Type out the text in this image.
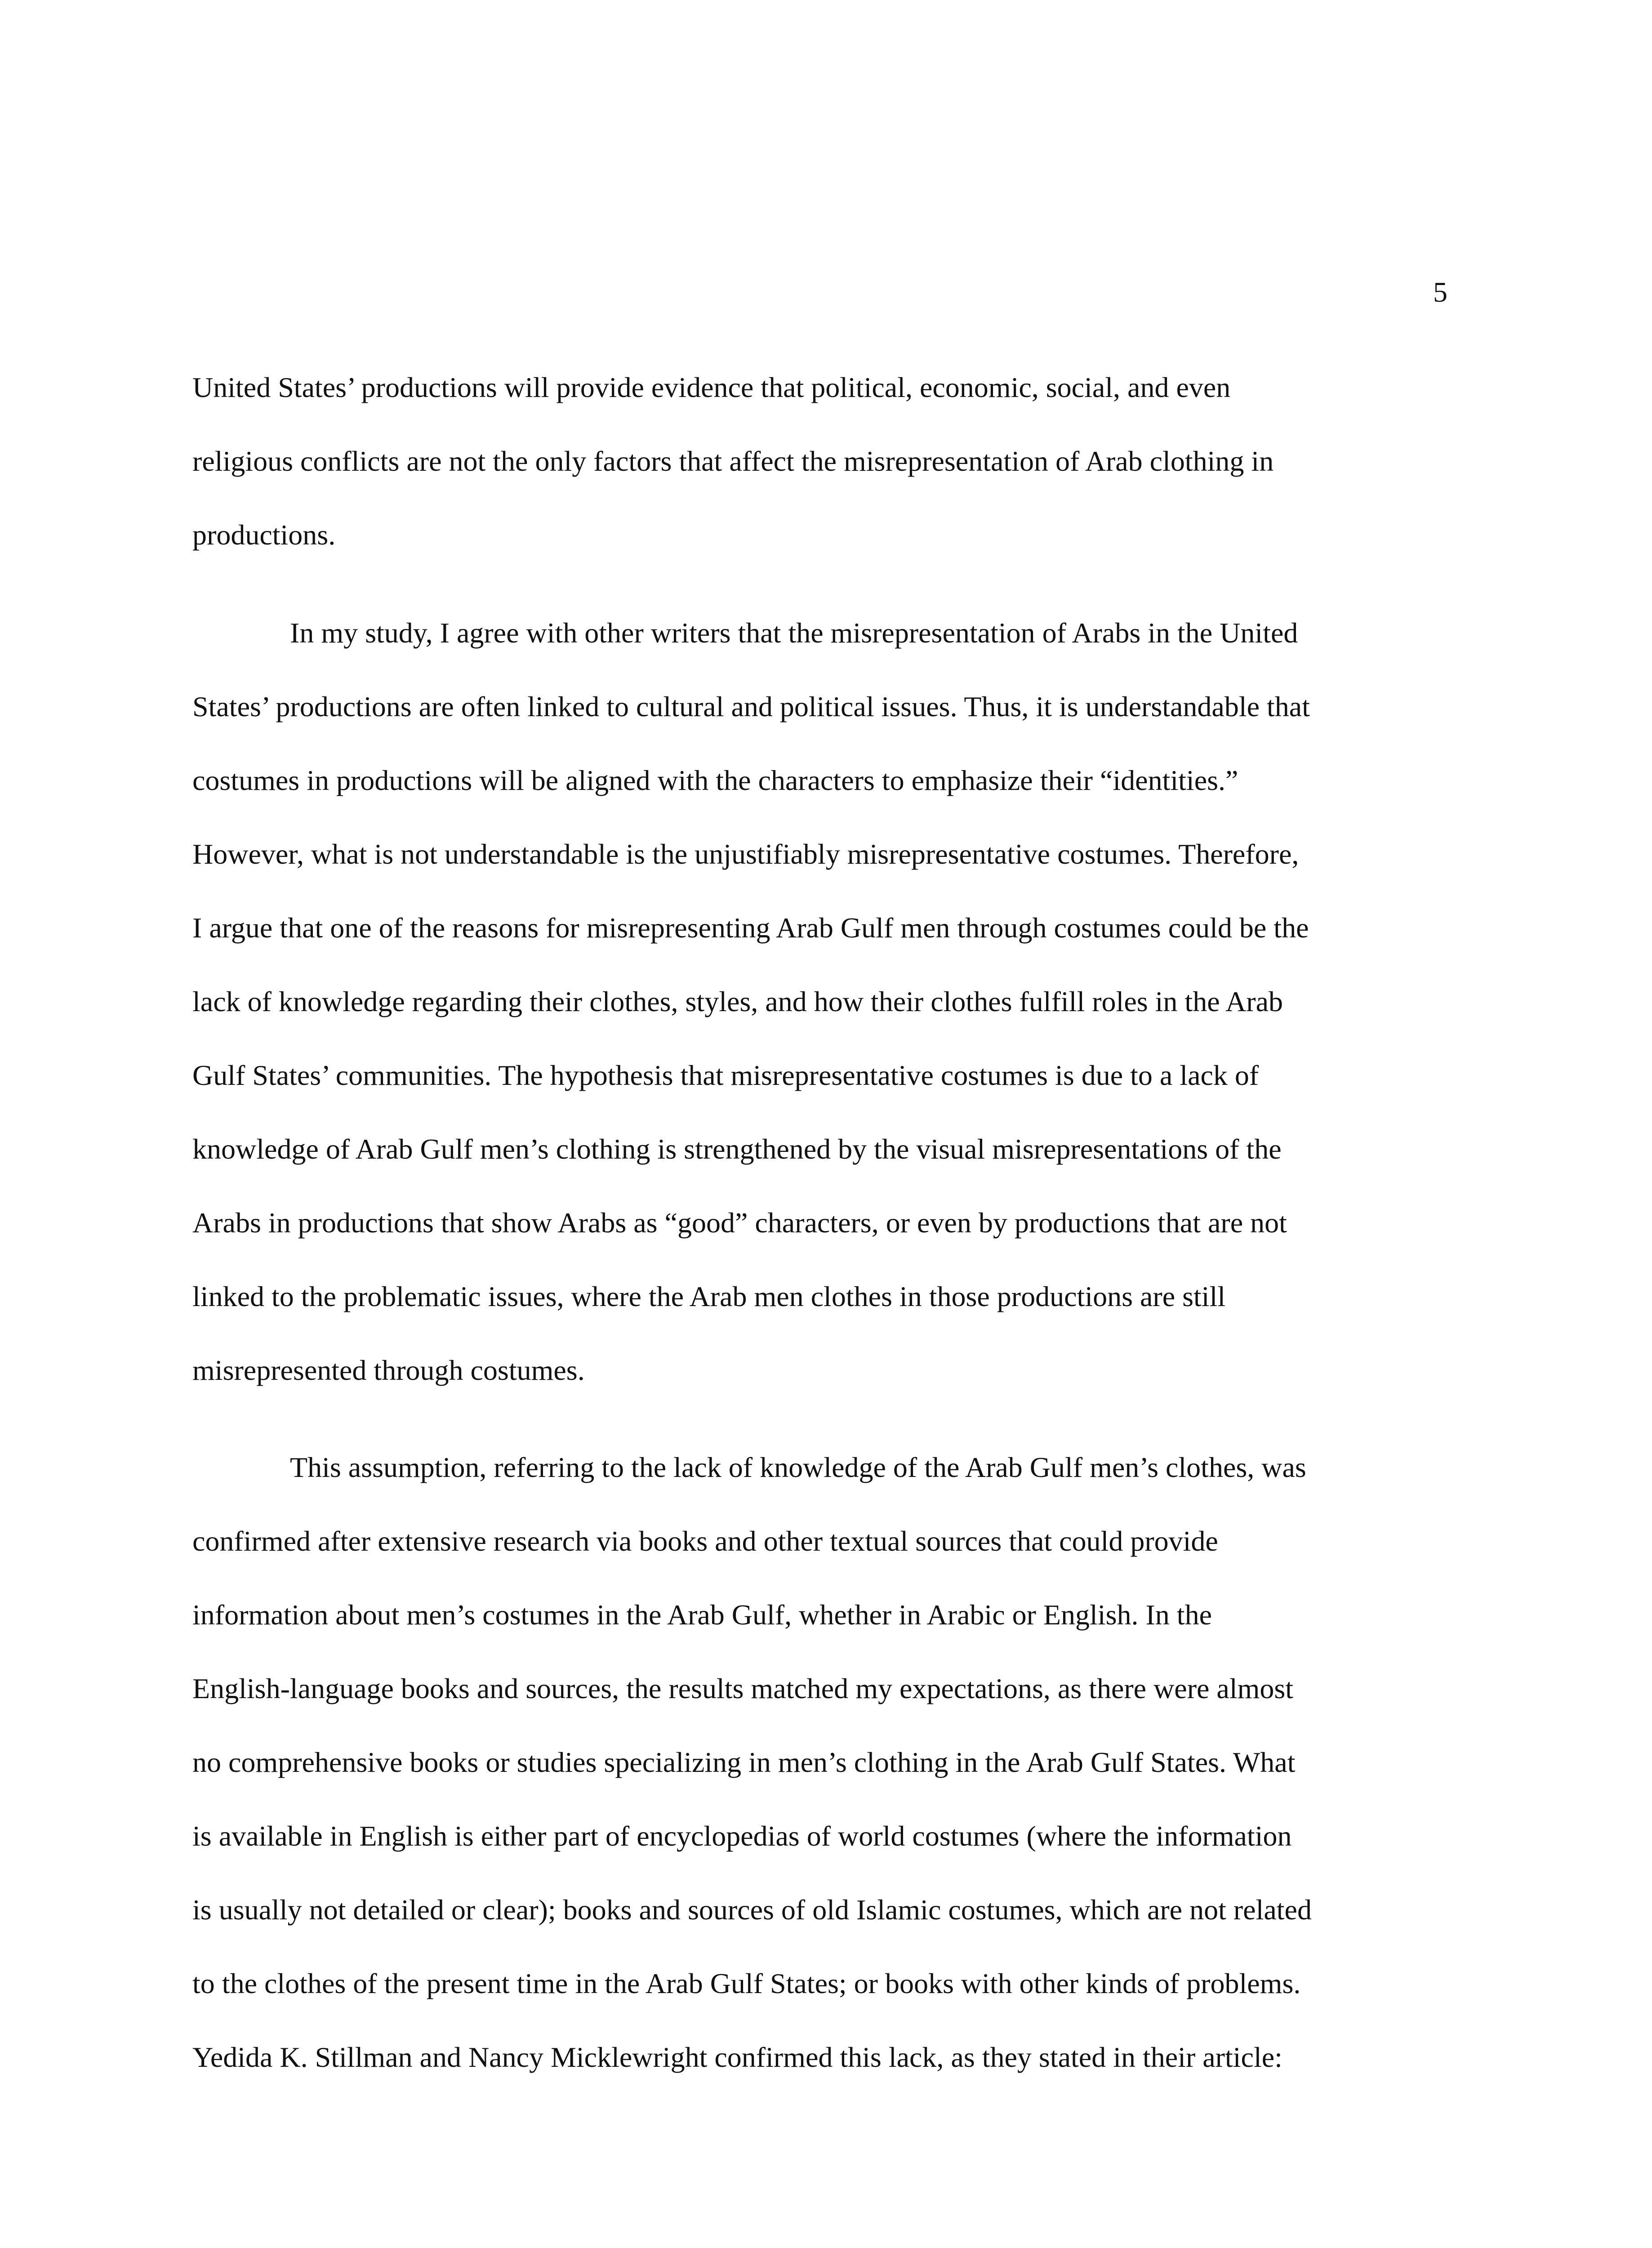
5
United States’ productions will provide evidence that political, economic, social, and even
religious conflicts are not the only factors that affect the misrepresentation of Arab clothing in
productions.
In my study, I agree with other writers that the misrepresentation of Arabs in the United
States’ productions are often linked to cultural and political issues. Thus, it is understandable that
costumes in productions will be aligned with the characters to emphasize their “identities.”
However, what is not understandable is the unjustifiably misrepresentative costumes. Therefore,
I argue that one of the reasons for misrepresenting Arab Gulf men through costumes could be the
lack of knowledge regarding their clothes, styles, and how their clothes fulfill roles in the Arab
Gulf States’ communities. The hypothesis that misrepresentative costumes is due to a lack of
knowledge of Arab Gulf men’s clothing is strengthened by the visual misrepresentations of the
Arabs in productions that show Arabs as “good” characters, or even by productions that are not
linked to the problematic issues, where the Arab men clothes in those productions are still
misrepresented through costumes.
This assumption, referring to the lack of knowledge of the Arab Gulf men’s clothes, was
confirmed after extensive research via books and other textual sources that could provide
information about men’s costumes in the Arab Gulf, whether in Arabic or English. In the
English-language books and sources, the results matched my expectations, as there were almost
no comprehensive books or studies specializing in men’s clothing in the Arab Gulf States. What
is available in English is either part of encyclopedias of world costumes (where the information
is usually not detailed or clear); books and sources of old Islamic costumes, which are not related
to the clothes of the present time in the Arab Gulf States; or books with other kinds of problems.
Yedida K. Stillman and Nancy Micklewright confirmed this lack, as they stated in their article:
